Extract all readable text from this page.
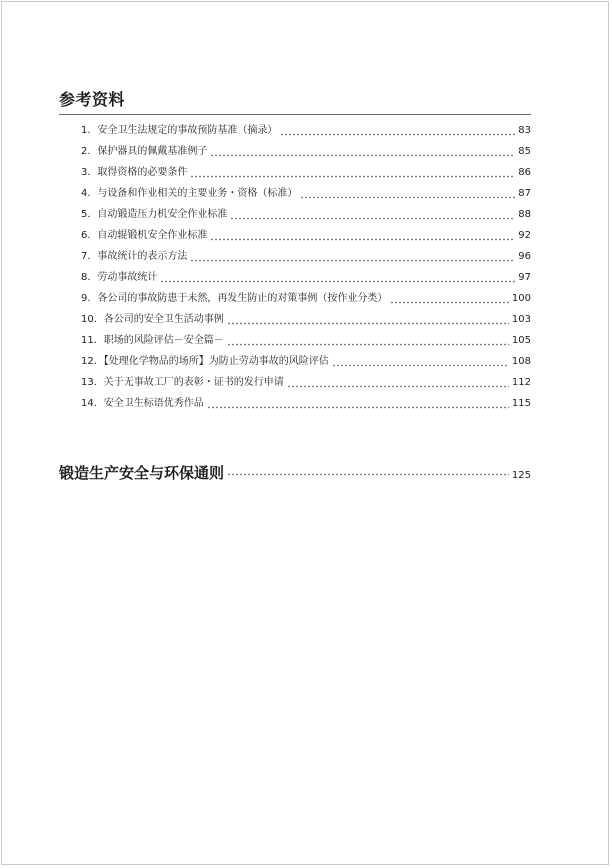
参考资料
1．安全卫生法规定的事故预防基准（摘录）	83
2．保护器具的佩戴基准例子	85
3．取得资格的必要条件	86
4．与设备和作业相关的主要业务・资格（标准）	87
5．自动锻造压力机安全作业标准	88
6．自动辊锻机安全作业标准	92
7．事故统计的表示方法	96
8．劳动事故统计	97
9．各公司的事故防患于未然，再发生防止的对策事例（按作业分类）	100
10．各公司的安全卫生活动事例	103
11．职场的风险评估－安全篇－	105
12．【处理化学物品的场所】为防止劳动事故的风险评估	108
13．关于无事故工厂的表彰・证书的发行申请	112
14．安全卫生标语优秀作品	115
锻造生产安全与环保通则	125
